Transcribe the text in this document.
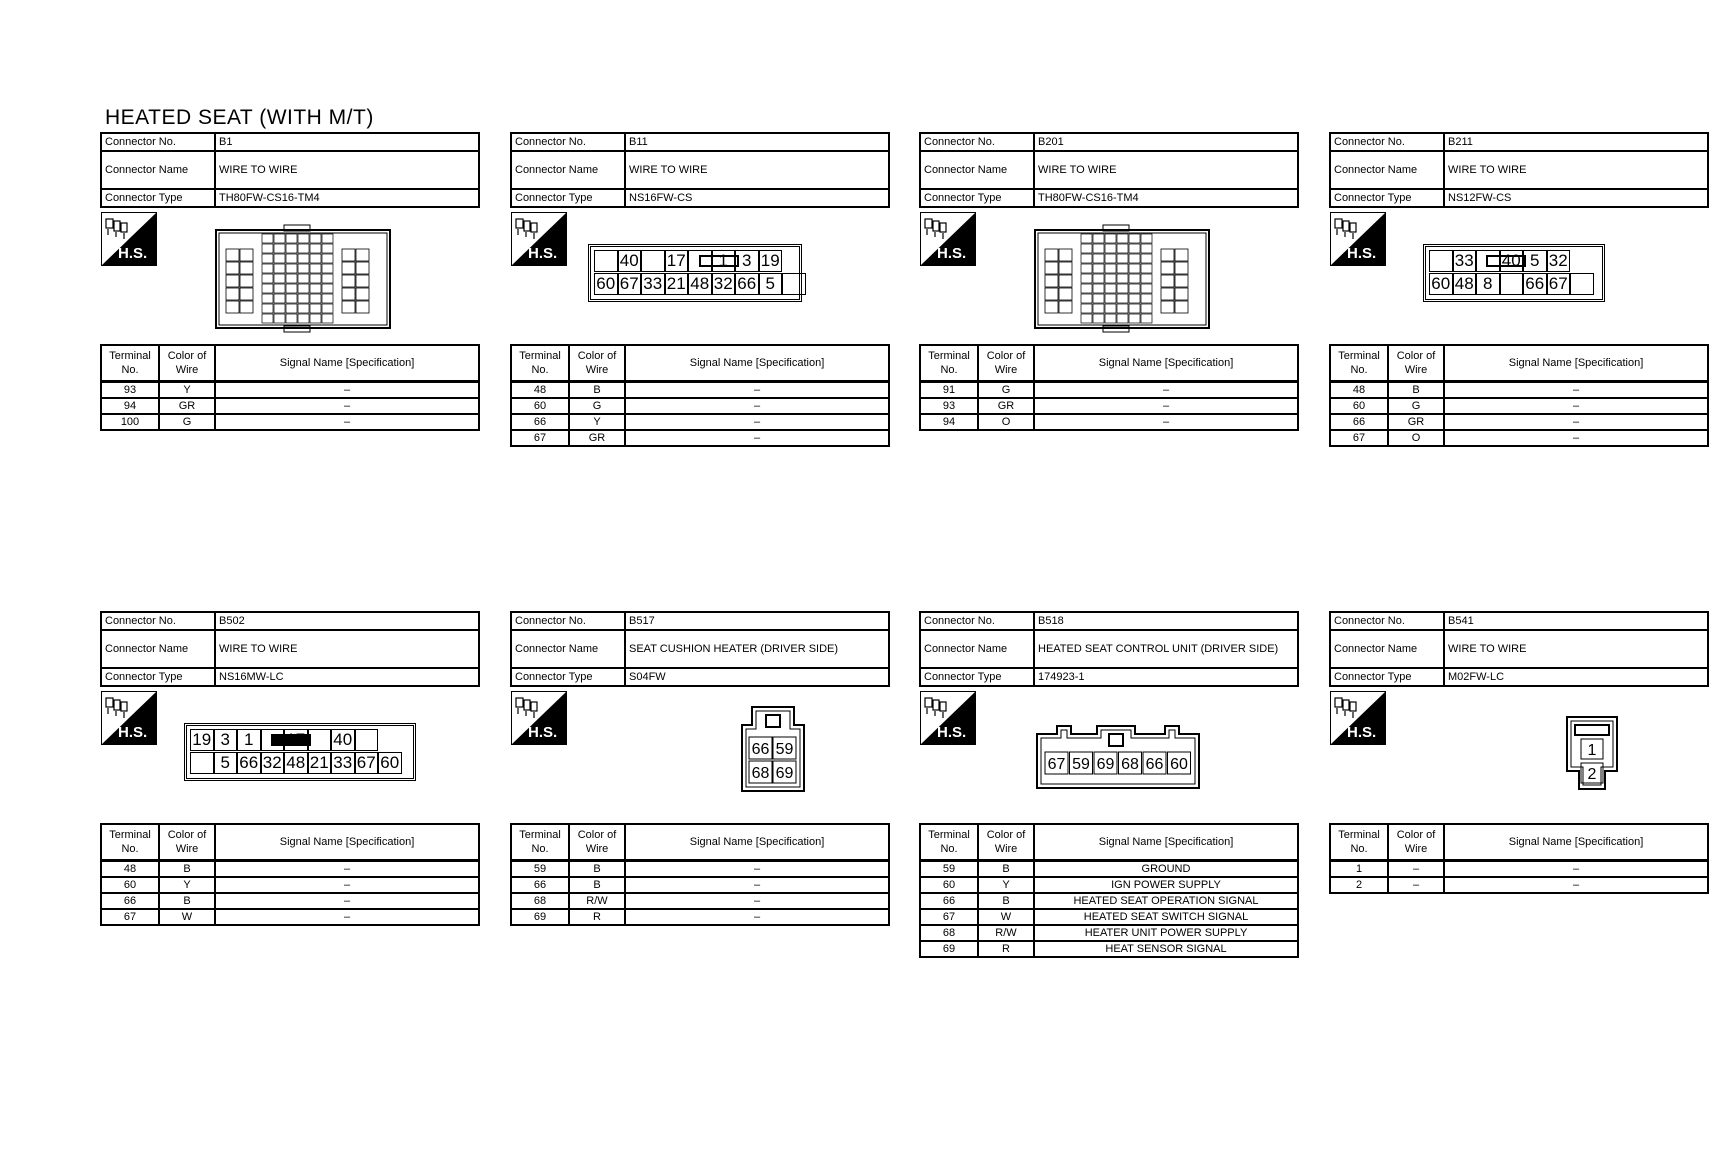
HEATED SEAT (WITH M/T)
Connector No.	B1
Connector Name	WIRE TO WIRE
Connector Type	TH80FW-CS16-TM4
H.S.
Terminal No.	Color of Wire	Signal Name [Specification]
93	Y	–
94	GR	–
100	G	–
Connector No.	B11
Connector Name	WIRE TO WIRE
Connector Type	NS16FW-CS
H.S.	40 17	1 3 19
60 67 33 21 48 32 66 5
Terminal No.	Color of Wire	Signal Name [Specification]
48	B	–
60	G	–
66	Y	–
67	GR	–
Connector No.	B201
Connector Name	WIRE TO WIRE
Connector Type	TH80FW-CS16-TM4
H.S.
Terminal No.	Color of Wire	Signal Name [Specification]
91	G	–
93	GR	–
94	O	–
Connector No.	B211
Connector Name	WIRE TO WIRE
Connector Type	NS12FW-CS
H.S.	33 40 5 32
60 48 8	66 67
Terminal No.	Color of Wire	Signal Name [Specification]
48	B	–
60	G	–
66	GR	–
67	O	–
Connector No.	B502
Connector Name	WIRE TO WIRE
Connector Type	NS16MW-LC
H.S.	19 3 1	40
5 66 32 48 21 33 67 60
Terminal No.	Color of Wire	Signal Name [Specification]
48	B	–
60	Y	–
66	B	–
67	W	–
Connector No.	B517
Connector Name	SEAT CUSHION HEATER (DRIVER SIDE)
Connector Type	S04FW
H.S.
66 59
68 69
Terminal No.	Color of Wire	Signal Name [Specification]
59	B	–
66	B	–
68	R/W	–
69	R	–
Connector No.	B518
Connector Name	HEATED SEAT CONTROL UNIT (DRIVER SIDE)
Connector Type	174923-1
H.S.
67 59 69 68 66 60
Terminal No.	Color of Wire	Signal Name [Specification]
59	B	GROUND
60	Y	IGN POWER SUPPLY
66	B	HEATED SEAT OPERATION SIGNAL
67	W	HEATED SEAT SWITCH SIGNAL
68	R/W	HEATER UNIT POWER SUPPLY
69	R	HEAT SENSOR SIGNAL
Connector No.	B541
Connector Name	WIRE TO WIRE
Connector Type	M02FW-LC
H.S.
1
2
Terminal No.	Color of Wire	Signal Name [Specification]
1	–	–
2	–	–
